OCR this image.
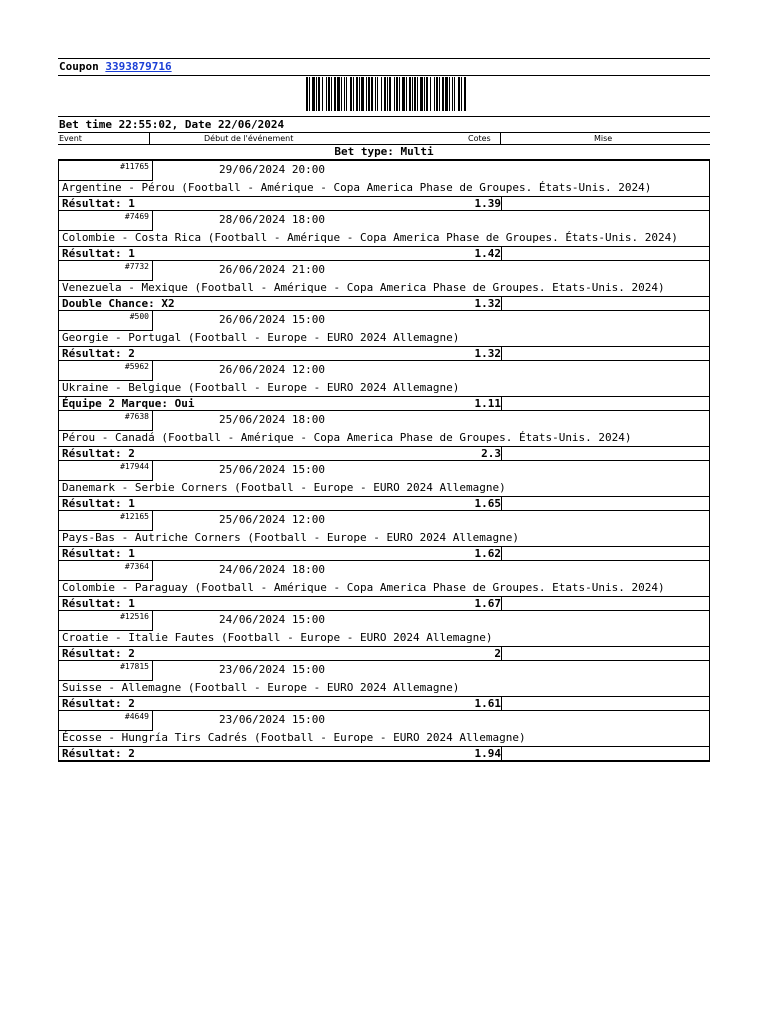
Coupon 3393879716
Bet time 22:55:02, Date 22/06/2024
Event	Début de l'événement	Cotes	Mise
Bet type: Multi
#11765	29/06/2024 20:00
Argentine - Pérou (Football - Amérique - Copa America Phase de Groupes. États-Unis. 2024)
Résultat: 1	1.39
#7469	28/06/2024 18:00
Colombie - Costa Rica (Football - Amérique - Copa America Phase de Groupes. États-Unis. 2024)
Résultat: 1	1.42
#7732	26/06/2024 21:00
Venezuela - Mexique (Football - Amérique - Copa America Phase de Groupes. Etats-Unis. 2024)
Double Chance: X2	1.32
#500	26/06/2024 15:00
Georgie - Portugal (Football - Europe - EURO 2024 Allemagne)
Résultat: 2	1.32
#5962	26/06/2024 12:00
Ukraine - Belgique (Football - Europe - EURO 2024 Allemagne)
Équipe 2 Marque: Oui	1.11
#7638	25/06/2024 18:00
Pérou - Canadá (Football - Amérique - Copa America Phase de Groupes. États-Unis. 2024)
Résultat: 2	2.3
#17944	25/06/2024 15:00
Danemark - Serbie Corners (Football - Europe - EURO 2024 Allemagne)
Résultat: 1	1.65
#12165	25/06/2024 12:00
Pays-Bas - Autriche Corners (Football - Europe - EURO 2024 Allemagne)
Résultat: 1	1.62
#7364	24/06/2024 18:00
Colombie - Paraguay (Football - Amérique - Copa America Phase de Groupes. Etats-Unis. 2024)
Résultat: 1	1.67
#12516	24/06/2024 15:00
Croatie - Italie Fautes (Football - Europe - EURO 2024 Allemagne)
Résultat: 2	2
#17815	23/06/2024 15:00
Suisse - Allemagne (Football - Europe - EURO 2024 Allemagne)
Résultat: 2	1.61
#4649	23/06/2024 15:00
Écosse - Hungría Tirs Cadrés (Football - Europe - EURO 2024 Allemagne)
Résultat: 2	1.94
